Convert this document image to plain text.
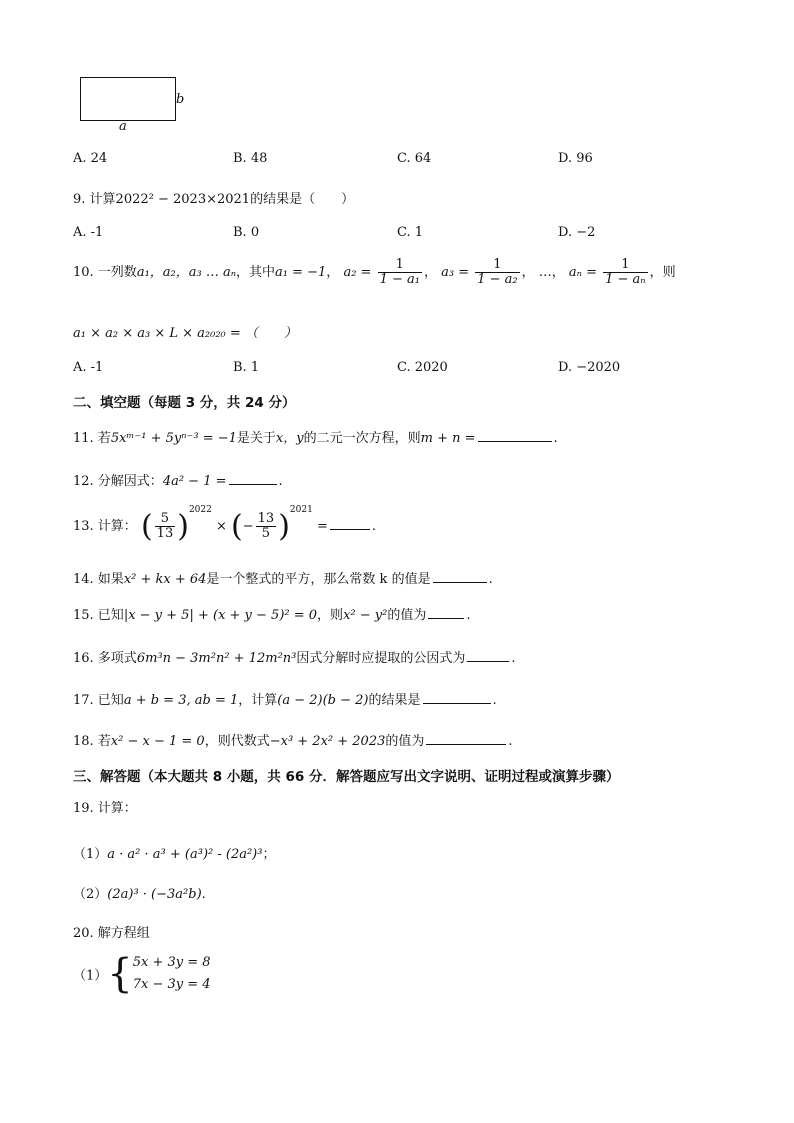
b
a
A. 24	B. 48	C. 64	D. 96
9. 计算2022² − 2023×2021的结果是（　　）
A. -1	B. 0	C. 1	D. −2
10. 一列数a₁，a₂，a₃ … aₙ，其中a₁ = −1， $a_2 = \frac{1}{\text{1 − a₁}}$ ， $a_3 = \frac{1}{\text{1 − a₂}}$ ， …， $a_n = \frac{1}{\text{1 − aₙ}}$ ，则
a₁ × a₂ × a₃ × L × a₂₀₂₀ = （　　）
A. -1	B. 1	C. 2020	D. −2020
二、填空题（每题 3 分，共 24 分）
11. 若5xᵐ⁻¹ + 5yⁿ⁻³ = −1是关于x，y的二元一次方程，则m + n =	.
12. 分解因式：4a² − 1 =	.
13. 计算： ( $\frac{5}{13} )^{2022}$ × (− $\frac{13}{5} )^{2021}$ =	.
14. 如果x² + kx + 64是一个整式的平方，那么常数 k 的值是	.
15. 已知|x − y + 5| + (x + y − 5)² = 0，则x² − y²的值为	.
16. 多项式6m³n − 3m²n² + 12m²n³因式分解时应提取的公因式为	.
17. 已知a + b = 3, ab = 1，计算(a − 2)(b − 2)的结果是	.
18. 若x² − x − 1 = 0，则代数式−x³ + 2x² + 2023的值为	.
三、解答题（本大题共 8 小题，共 66 分．解答题应写出文字说明、证明过程或演算步骤）
19. 计算：
（1）a · a² · a³ + (a³)² - (2a²)³；
（2）(2a)³ · (−3a²b).
20. 解方程组
（1）{ 5x + 3y = 8
7x − 3y = 4
